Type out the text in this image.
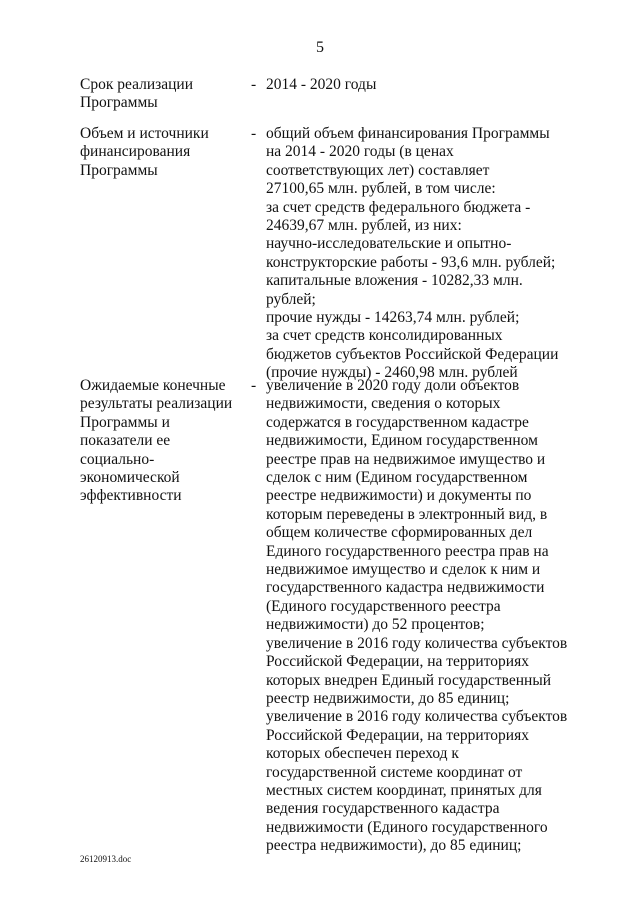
5
Срок реализации
Программы
- 2014 - 2020 годы
Объем и источники
финансирования
Программы
- общий объем финансирования Программы
на 2014 - 2020 годы (в ценах
соответствующих лет) составляет
27100,65 млн. рублей, в том числе:
за счет средств федерального бюджета -
24639,67 млн. рублей, из них:
научно-исследовательские и опытно-
конструкторские работы - 93,6 млн. рублей;
капитальные вложения - 10282,33 млн.
рублей;
прочие нужды - 14263,74 млн. рублей;
за счет средств консолидированных
бюджетов субъектов Российской Федерации
(прочие нужды) - 2460,98 млн. рублей
Ожидаемые конечные
результаты реализации
Программы и
показатели ее
социально-
экономической
эффективности
- увеличение в 2020 году доли объектов
недвижимости, сведения о которых
содержатся в государственном кадастре
недвижимости, Едином государственном
реестре прав на недвижимое имущество и
сделок с ним (Едином государственном
реестре недвижимости) и документы по
которым переведены в электронный вид, в
общем количестве сформированных дел
Единого государственного реестра прав на
недвижимое имущество и сделок к ним и
государственного кадастра недвижимости
(Единого государственного реестра
недвижимости) до 52 процентов;
увеличение в 2016 году количества субъектов
Российской Федерации, на территориях
которых внедрен Единый государственный
реестр недвижимости, до 85 единиц;
увеличение в 2016 году количества субъектов
Российской Федерации, на территориях
которых обеспечен переход к
государственной системе координат от
местных систем координат, принятых для
ведения государственного кадастра
недвижимости (Единого государственного
реестра недвижимости), до 85 единиц;
26120913.doc
